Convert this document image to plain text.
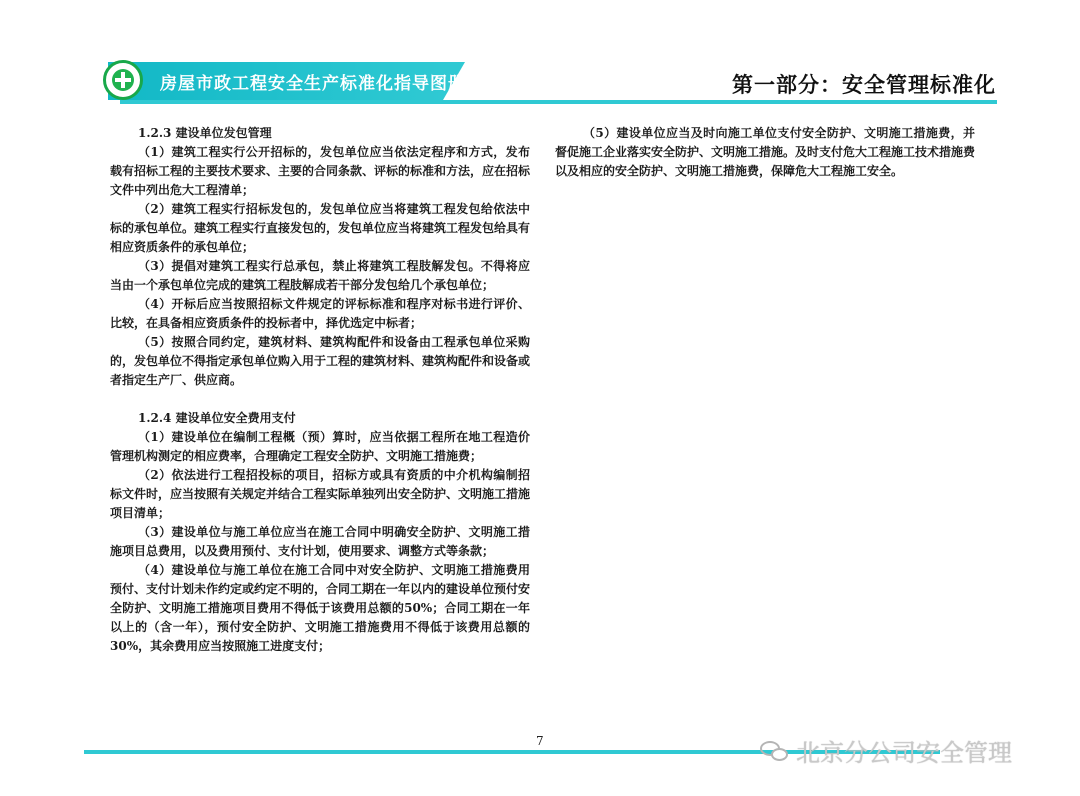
房屋市政工程安全生产标准化指导图册	第一部分：安全管理标准化

1.2.3 建设单位发包管理

（1）建筑工程实行公开招标的，发包单位应当依法定程序和方式，发布载有招标工程的主要技术要求、主要的合同条款、评标的标准和方法，应在招标文件中列出危大工程清单；

（2）建筑工程实行招标发包的，发包单位应当将建筑工程发包给依法中标的承包单位。建筑工程实行直接发包的，发包单位应当将建筑工程发包给具有相应资质条件的承包单位；

（3）提倡对建筑工程实行总承包，禁止将建筑工程肢解发包。不得将应当由一个承包单位完成的建筑工程肢解成若干部分发包给几个承包单位；

（4）开标后应当按照招标文件规定的评标标准和程序对标书进行评价、比较，在具备相应资质条件的投标者中，择优选定中标者；

（5）按照合同约定，建筑材料、建筑构配件和设备由工程承包单位采购的，发包单位不得指定承包单位购入用于工程的建筑材料、建筑构配件和设备或者指定生产厂、供应商。

1.2.4 建设单位安全费用支付

（1）建设单位在编制工程概（预）算时，应当依据工程所在地工程造价管理机构测定的相应费率，合理确定工程安全防护、文明施工措施费；

（2）依法进行工程招投标的项目，招标方或具有资质的中介机构编制招标文件时，应当按照有关规定并结合工程实际单独列出安全防护、文明施工措施项目清单；

（3）建设单位与施工单位应当在施工合同中明确安全防护、文明施工措施项目总费用，以及费用预付、支付计划，使用要求、调整方式等条款；

（4）建设单位与施工单位在施工合同中对安全防护、文明施工措施费用预付、支付计划未作约定或约定不明的，合同工期在一年以内的建设单位预付安全防护、文明施工措施项目费用不得低于该费用总额的50%；合同工期在一年以上的（含一年），预付安全防护、文明施工措施费用不得低于该费用总额的30%，其余费用应当按照施工进度支付；

（5）建设单位应当及时向施工单位支付安全防护、文明施工措施费，并督促施工企业落实安全防护、文明施工措施。及时支付危大工程施工技术措施费以及相应的安全防护、文明施工措施费，保障危大工程施工安全。

7	北京分公司安全管理
